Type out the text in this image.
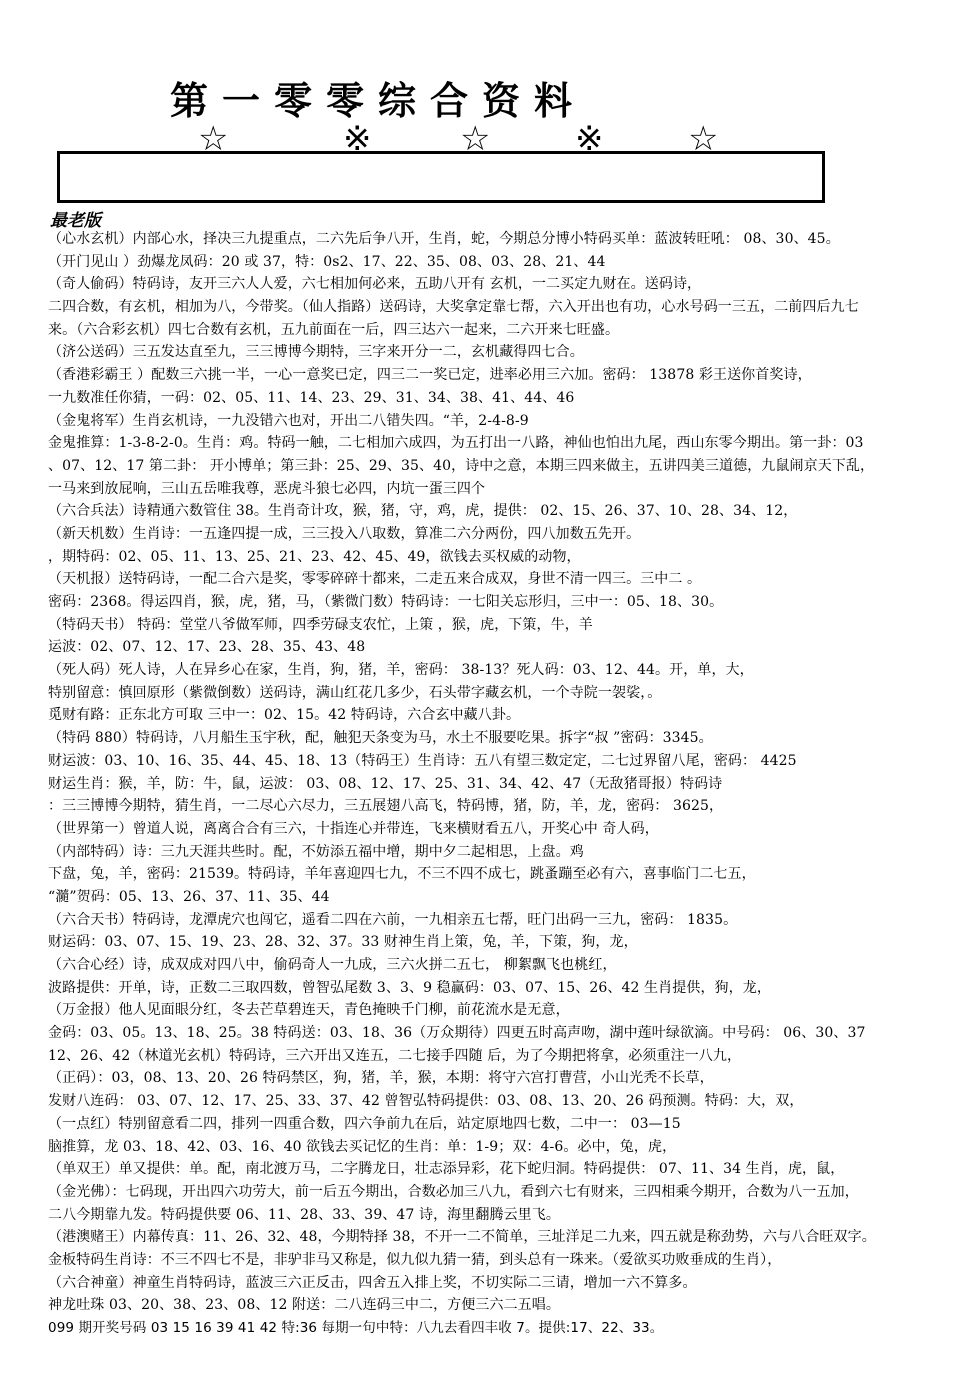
第一零零综合资料
☆	※	☆ ※ ☆
最老版
（心水玄机）内部心水，择决三九提重点，二六先后争八开，生肖，蛇，今期总分博小特码买单：蓝波转旺吼： 08、30、45。
（开门见山 ）劲爆龙凤码：20 或 37，特：0s2、17、22、35、08、03、28、21、44
（奇人偷码）特码诗，友开三六人人爱，六七相加何必来，五助八开有 玄机，一二买定九财在。送码诗，
二四合数，有玄机，相加为八，今带奖。（仙人指路）送码诗，大奖拿定靠七帮，六入开出也有功，心水号码一三五，二前四后九七
来。（六合彩玄机）四七合数有玄机，五九前面在一后，四三达六一起来，二六开来七旺盛。
（济公送码）三五发达直至九，三三博博今期特，三字来开分一二，玄机藏得四七合。
（香港彩霸王 ）配数三六挑一半，一心一意奖已定，四三二一奖已定，进率必用三六加。密码： 13878 彩王送你首奖诗，
一九数准任你猜，一码：02、05、11、14、23、29、31、34、38、41、44、46
（金鬼将军）生肖玄机诗，一九没错六也对，开出二八错失四。“羊，2-4-8-9
金鬼推算：1-3-8-2-0。生肖：鸡。特码一触，二七相加六成四，为五打出一八路，神仙也怕出九尾，西山东零今期出。第一卦：03
、07、12、17 第二卦： 开小博单；第三卦：25、29、35、40，诗中之意，本期三四来做主，五讲四美三道德，九鼠闹京天下乱，
一马来到放屁响，三山五岳唯我尊，恶虎斗狼七必四，内坑一蛋三四个
（六合兵法）诗精通六数管住 38。生肖奇计攻，猴，猪，守，鸡，虎，提供： 02、15、26、37、10、28、34、12，
（新天机数）生肖诗：一五逢四提一成，三三投入八取数，算准二六分两份，四八加数五先开。
，期特码：02、05、11、13、25、21、23、42、45、49，欲钱去买权威的动物，
（天机报）送特码诗，一配二合六是奖，零零碎碎十都来，二走五来合成双，身世不清一四三。三中二 。
密码：2368。得运四肖，猴，虎，猪，马，（紫微门数）特码诗：一七阳关忘形归，三中一：05、18、30。
（特码天书） 特码：堂堂八爷做军师，四季劳碌支农忙，上策 ，猴，虎，下策，牛，羊
运波：02、07、12、17、23、28、35、43、48
（死人码）死人诗，人在异乡心在家，生肖，狗，猪，羊，密码： 38-13？死人码：03、12、44。开，单，大，
特别留意：慎回原形（紫微倒数）送码诗，满山红花几多少，石头带字藏玄机，一个寺院一袈裟，。
觅财有路：正东北方可取 三中一：02、15。42 特码诗，六合玄中藏八卦。
（特码 880）特码诗，八月船生玉宇秋，配，触犯天条变为马，水土不服要吃果。拆字“叔 ”密码：3345。
财运波：03、10、16、35、44、45、18、13（特码王）生肖诗：五八有望三数定定，二七过界留八尾，密码： 4425
财运生肖：猴，羊，防：牛，鼠，运波： 03、08、12、17、25、31、34、42、47（无敌猪哥报）特码诗
：三三博博今期特，猜生肖，一二尽心六尽力，三五展翅八高飞，特码博，猪，防，羊，龙，密码： 3625，
（世界第一）曾道人说，离离合合有三六，十指连心并带连，飞来横财看五八，开奖心中 奇人码，
（内部特码）诗：三九天涯共些时。配，不妨添五福中增，期中夕二起相思，上盘。鸡
下盘，兔，羊，密码：21539。特码诗，羊年喜迎四七九，不三不四不成七，跳蚤蹦至必有六，喜事临门二七五，
“瀡”贺码：05、13、26、37、11、35、44
（六合天书）特码诗，龙潭虎穴也闯它，遥看二四在六前，一九相亲五七帮，旺门出码一三九，密码： 1835。
财运码：03、07、15、19、23、28、32、37。33 财神生肖上策，兔，羊，下策，狗，龙，
（六合心经）诗，成双成对四八中，偷码奇人一九成，三六火拼二五七， 柳絮飘飞也桃红，
波路提供：开单，诗，正数二三取四数，曾智弘尾数 3、3、9 稳赢码：03、07、15、26、42 生肖提供，狗，龙，
（万金报）他人见面眼分红，冬去芒草碧连天，青色掩映千门柳，前花流水是无意，
金码：03、05。13、18、25。38 特码送：03、18、36（万众期待）四更五时高声吻，湖中莲叶绿欲滴。中号码： 06、30、37
12、26、42（林道光玄机）特码诗，三六开出又连五，二七接手四随 后，为了今期把将拿，必须重注一八九，
（正码）：03，08、13、20、26 特码禁区，狗，猪，羊，猴，本期：将守六宫打曹营，小山光秃不长草，
发财八连码： 03、07、12、17、25、33、37、42 曾智弘特码提供：03、08、13、20、26 码预测。特码：大，双，
（一点红）特别留意看二四，排列一四重合数，四六争前九在后，站定原地四七数，二中一： 03—15
脑推算，龙 03、18、42、03、16、40 欲钱去买记忆的生肖：单：1-9；双：4-6。必中，兔，虎，
（单双王）单又提供：单。配，南北渡万马，二字腾龙日，壮志添异彩，花下蛇归洞。特码提供： 07、11、34 生肖，虎，鼠，
（金光佛）：七码现，开出四六功劳大，前一后五今期出，合数必加三八九，看到六七有财来，三四相乘今期开，合数为八一五加，
二八今期靠九发。特码提供要 06、11、28、33、39、47 诗，海里翻腾云里飞。
（港澳赌王）内幕传真：11、26、32、48，今期特择 38，不开一二不简单，三址洋足二九来，四五就是称劲势，六与八合旺双字。
金板特码生肖诗：不三不四七不是，非驴非马又称是，似九似九猜一猜，到头总有一珠来。（爱欲买功败垂成的生肖），
（六合神童）神童生肖特码诗，蓝波三六正反击，四舍五入排上奖，不切实际二三请，增加一六不算多。
神龙吐珠 03、20、38、23、08、12 附送：二八连码三中二，方便三六二五唱。
099 期开奖号码 03 15 16 39 41 42 特:36 每期一句中特：八九去看四丰收 7。提供:17、22、33。
